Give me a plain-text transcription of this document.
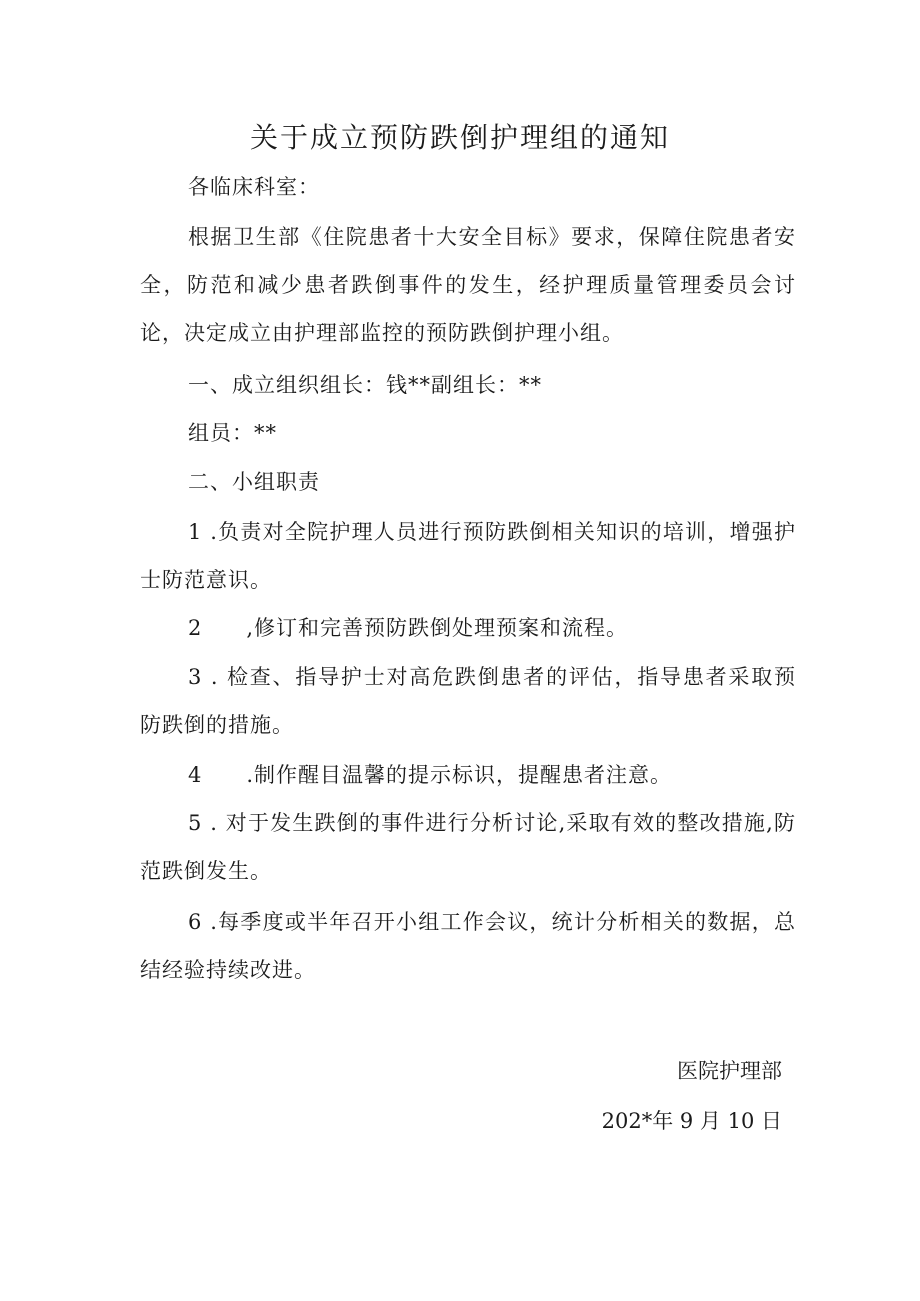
关于成立预防跌倒护理组的通知
各临床科室：
根据卫生部《住院患者十大安全目标》要求，保障住院患者安全，防范和减少患者跌倒事件的发生，经护理质量管理委员会讨论，决定成立由护理部监控的预防跌倒护理小组。
一、成立组织组长：钱**副组长：**
组员：**
二、小组职责
1 .负责对全院护理人员进行预防跌倒相关知识的培训，增强护士防范意识。
2　　,修订和完善预防跌倒处理预案和流程。
3 . 检查、指导护士对高危跌倒患者的评估，指导患者采取预防跌倒的措施。
4　　.制作醒目温馨的提示标识，提醒患者注意。
5 . 对于发生跌倒的事件进行分析讨论,采取有效的整改措施,防范跌倒发生。
6 .每季度或半年召开小组工作会议，统计分析相关的数据，总结经验持续改进。
医院护理部
202*年 9 月 10 日
